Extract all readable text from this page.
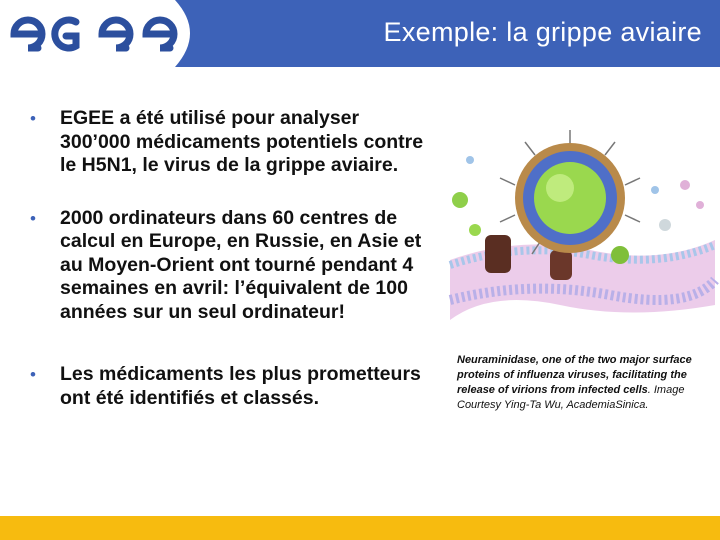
Exemple: la grippe aviaire
• EGEE a été utilisé pour analyser 300’000 médicaments potentiels contre le H5N1, le virus de la grippe aviaire.
• 2000 ordinateurs dans 60 centres de calcul en Europe, en Russie, en Asie et au Moyen-Orient ont tourné pendant 4 semaines en avril: l’équivalent de 100 années sur un seul ordinateur!
• Les médicaments les plus prometteurs ont été identifiés et classés.
Neuraminidase, one of the two major surface proteins of influenza viruses, facilitating the release of virions from infected cells. Image Courtesy Ying-Ta Wu, AcademiaSinica.
